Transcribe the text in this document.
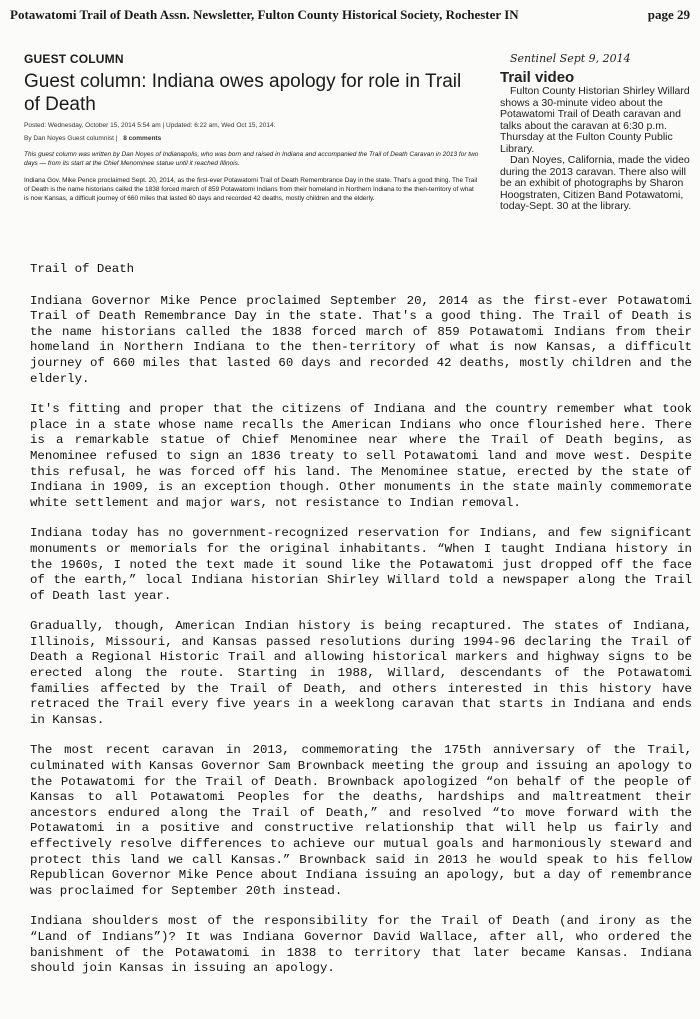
Potawatomi Trail of Death Assn. Newsletter, Fulton County Historical Society, Rochester IN	page 29
GUEST COLUMN
Guest column: Indiana owes apology for role in Trail of Death
Posted: Wednesday, October 15, 2014 5:54 am | Updated: 6:22 am, Wed Oct 15, 2014.
By Dan Noyes Guest columnist | 8 comments
This guest column was written by Dan Noyes of Indianapolis, who was born and raised in Indiana and accompanied the Trail of Death Caravan in 2013 for two days — from its start at the Chief Menominee statue until it reached Illinois.
Indiana Gov. Mike Pence proclaimed Sept. 20, 2014, as the first-ever Potawatomi Trail of Death Remembrance Day in the state. That's a good thing. The Trail of Death is the name historians called the 1838 forced march of 859 Potawatomi Indians from their homeland in Northern Indiana to the then-territory of what is now Kansas, a difficult journey of 660 miles that lasted 60 days and recorded 42 deaths, mostly children and the elderly.
Sentinel Sept 9, 2014
Trail video

Fulton County Historian Shirley Willard shows a 30-minute video about the Potawatomi Trail of Death caravan and talks about the caravan at 6:30 p.m. Thursday at the Fulton County Public Library.

Dan Noyes, California, made the video during the 2013 caravan. There also will be an exhibit of photographs by Sharon Hoogstraten, Citizen Band Potawatomi, today-Sept. 30 at the library.

Trail of Death

Indiana Governor Mike Pence proclaimed September 20, 2014 as the first-ever Potawatomi Trail of Death Remembrance Day in the state. That's a good thing. The Trail of Death is the name historians called the 1838 forced march of 859 Potawatomi Indians from their homeland in Northern Indiana to the then-territory of what is now Kansas, a difficult journey of 660 miles that lasted 60 days and recorded 42 deaths, mostly children and the elderly.

It's fitting and proper that the citizens of Indiana and the country remember what took place in a state whose name recalls the American Indians who once flourished here. There is a remarkable statue of Chief Menominee near where the Trail of Death begins, as Menominee refused to sign an 1836 treaty to sell Potawatomi land and move west. Despite this refusal, he was forced off his land. The Menominee statue, erected by the state of Indiana in 1909, is an exception though. Other monuments in the state mainly commemorate white settlement and major wars, not resistance to Indian removal.

Indiana today has no government-recognized reservation for Indians, and few significant monuments or memorials for the original inhabitants. “When I taught Indiana history in the 1960s, I noted the text made it sound like the Potawatomi just dropped off the face of the earth,” local Indiana historian Shirley Willard told a newspaper along the Trail of Death last year.

Gradually, though, American Indian history is being recaptured. The states of Indiana, Illinois, Missouri, and Kansas passed resolutions during 1994-96 declaring the Trail of Death a Regional Historic Trail and allowing historical markers and highway signs to be erected along the route. Starting in 1988, Willard, descendants of the Potawatomi families affected by the Trail of Death, and others interested in this history have retraced the Trail every five years in a weeklong caravan that starts in Indiana and ends in Kansas.

The most recent caravan in 2013, commemorating the 175th anniversary of the Trail, culminated with Kansas Governor Sam Brownback meeting the group and issuing an apology to the Potawatomi for the Trail of Death. Brownback apologized “on behalf of the people of Kansas to all Potawatomi Peoples for the deaths, hardships and maltreatment their ancestors endured along the Trail of Death,” and resolved “to move forward with the Potawatomi in a positive and constructive relationship that will help us fairly and effectively resolve differences to achieve our mutual goals and harmoniously steward and protect this land we call Kansas.” Brownback said in 2013 he would speak to his fellow Republican Governor Mike Pence about Indiana issuing an apology, but a day of remembrance was proclaimed for September 20th instead.

Indiana shoulders most of the responsibility for the Trail of Death (and irony as the “Land of Indians”)? It was Indiana Governor David Wallace, after all, who ordered the banishment of the Potawatomi in 1838 to territory that later became Kansas. Indiana should join Kansas in issuing an apology.
